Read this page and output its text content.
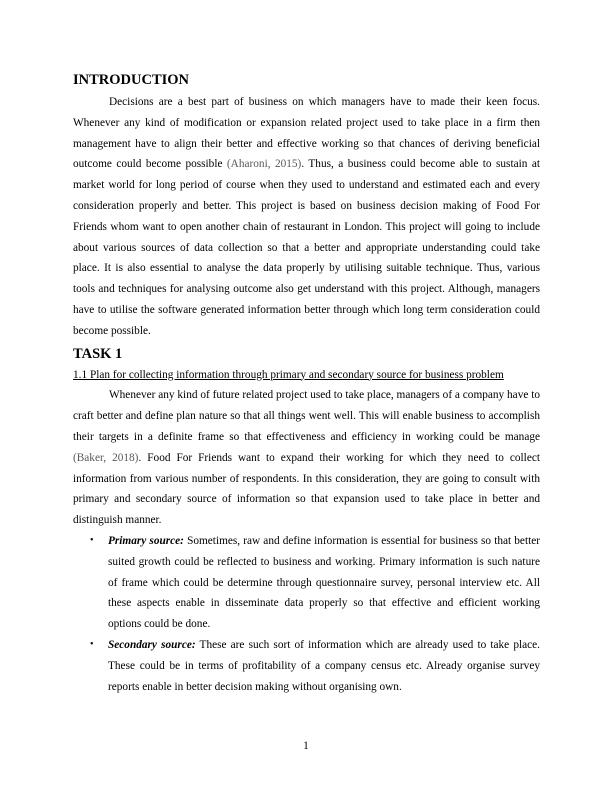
INTRODUCTION

Decisions are a best part of business on which managers have to made their keen focus. Whenever any kind of modification or expansion related project used to take place in a firm then management have to align their better and effective working so that chances of deriving beneficial outcome could become possible (Aharoni, 2015). Thus, a business could become able to sustain at market world for long period of course when they used to understand and estimated each and every consideration properly and better. This project is based on business decision making of Food For Friends whom want to open another chain of restaurant in London. This project will going to include about various sources of data collection so that a better and appropriate understanding could take place. It is also essential to analyse the data properly by utilising suitable technique. Thus, various tools and techniques for analysing outcome also get understand with this project. Although, managers have to utilise the software generated information better through which long term consideration could become possible.

TASK 1
1.1 Plan for collecting information through primary and secondary source for business problem

Whenever any kind of future related project used to take place, managers of a company have to craft better and define plan nature so that all things went well. This will enable business to accomplish their targets in a definite frame so that effectiveness and efficiency in working could be manage (Baker, 2018). Food For Friends want to expand their working for which they need to collect information from various number of respondents. In this consideration, they are going to consult with primary and secondary source of information so that expansion used to take place in better and distinguish manner.

• Primary source: Sometimes, raw and define information is essential for business so that better suited growth could be reflected to business and working. Primary information is such nature of frame which could be determine through questionnaire survey, personal interview etc. All these aspects enable in disseminate data properly so that effective and efficient working options could be done.
• Secondary source: These are such sort of information which are already used to take place. These could be in terms of profitability of a company census etc. Already organise survey reports enable in better decision making without organising own.
1
